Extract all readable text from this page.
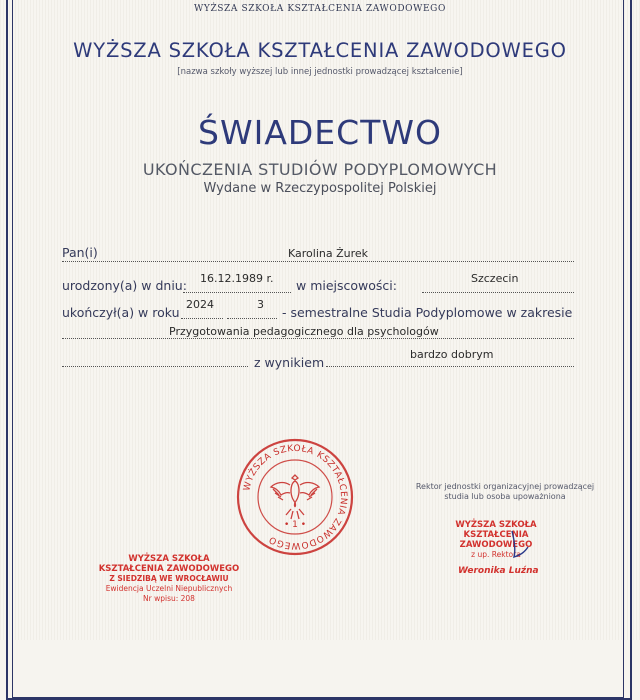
WYŻSZA SZKOŁA KSZTAŁCENIA ZAWODOWEGO
WYŻSZA SZKOŁA KSZTAŁCENIA ZAWODOWEGO
[nazwa szkoły wyższej lub innej jednostki prowadzącej kształcenie]
ŚWIADECTWO
UKOŃCZENIA STUDIÓW PODYPLOMOWYCH
Wydane w Rzeczypospolitej Polskiej
Pan(i)	Karolina Żurek
urodzony(a) w dniu: 16.12.1989 r. w miejscowości:	Szczecin
ukończył(a) w roku
2024	3
- semestralne Studia Podyplomowe w zakresie
Przygotowania pedagogicznego dla psychologów
z wynikiem
bardzo dobrym
WYŻSZA SZKOŁA KSZTAŁCENIA ZAWODOWEGO
• 1 •
Rektor jednostki organizacyjnej prowadzącej
studia lub osoba upoważniona
WYŻSZA SZKOŁA
KSZTAŁCENIA ZAWODOWEGO
z up. Rektora
Weronika Luźna
WYŻSZA SZKOŁA
KSZTAŁCENIA ZAWODOWEGO
Z SIEDZIBĄ WE WROCŁAWIU
Ewidencja Uczelni Niepublicznych
Nr wpisu: 208
